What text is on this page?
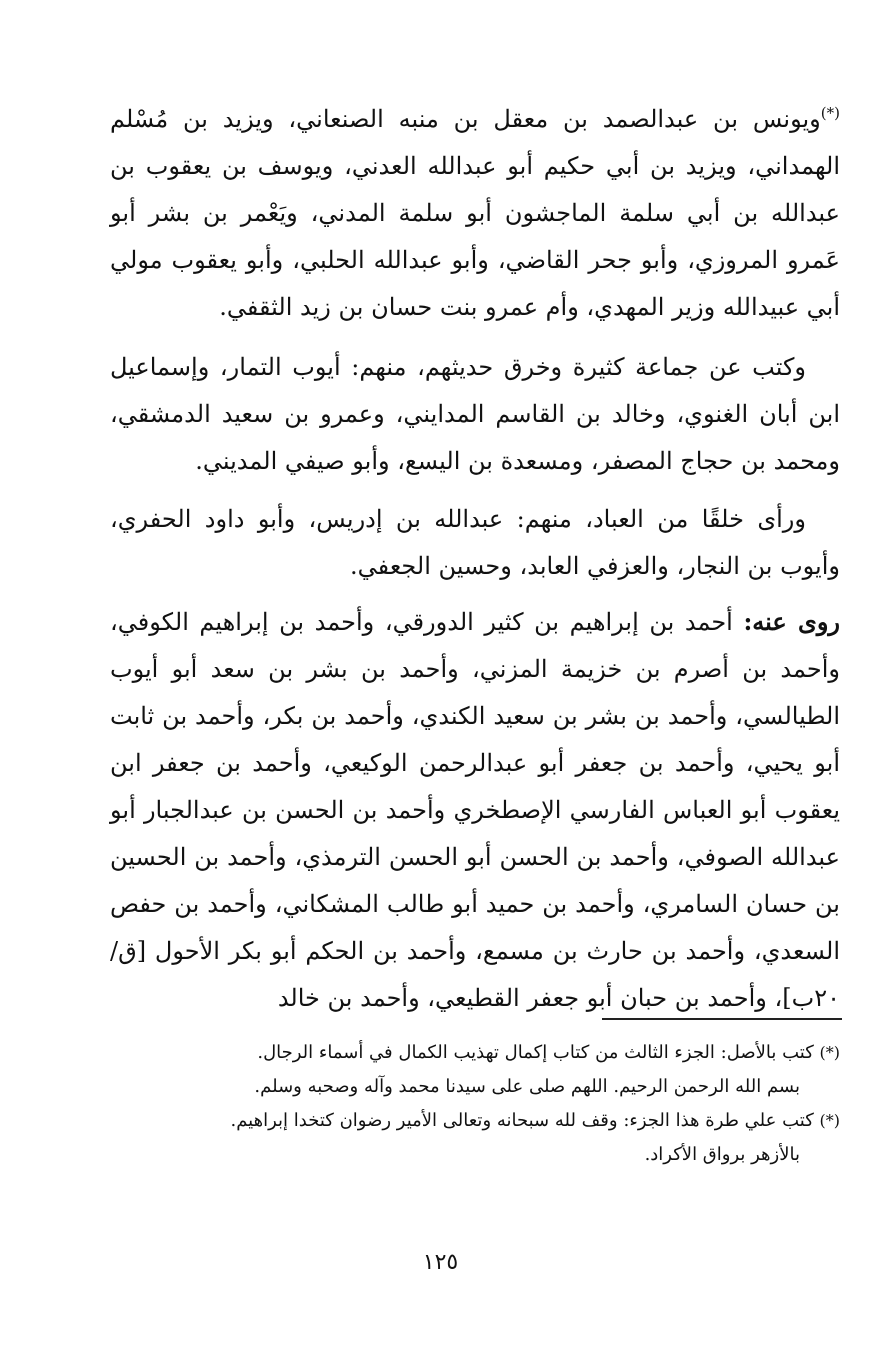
(*)ويونس بن عبدالصمد بن معقل بن منبه الصنعاني، ويزيد بن مُسْلم الهمداني، ويزيد بن أبي حكيم أبو عبدالله العدني، ويوسف بن يعقوب بن عبدالله بن أبي سلمة الماجشون أبو سلمة المدني، ويَعْمر بن بشر أبو عَمرو المروزي، وأبو جحر القاضي، وأبو عبدالله الحلبي، وأبو يعقوب مولي أبي عبيدالله وزير المهدي، وأم عمرو بنت حسان بن زيد الثقفي.

وكتب عن جماعة كثيرة وخرق حديثهم، منهم: أيوب التمار، وإسماعيل ابن أبان الغنوي، وخالد بن القاسم المدايني، وعمرو بن سعيد الدمشقي، ومحمد بن حجاج المصفر، ومسعدة بن اليسع، وأبو صيفي المديني.

ورأى خلقًا من العباد، منهم: عبدالله بن إدريس، وأبو داود الحفري، وأيوب بن النجار، والعزفي العابد، وحسين الجعفي.

روى عنه: أحمد بن إبراهيم بن كثير الدورقي، وأحمد بن إبراهيم الكوفي، وأحمد بن أصرم بن خزيمة المزني، وأحمد بن بشر بن سعد أبو أيوب الطيالسي، وأحمد بن بشر بن سعيد الكندي، وأحمد بن بكر، وأحمد بن ثابت أبو يحيي، وأحمد بن جعفر أبو عبدالرحمن الوكيعي، وأحمد بن جعفر ابن يعقوب أبو العباس الفارسي الإصطخري وأحمد بن الحسن بن عبدالجبار أبو عبدالله الصوفي، وأحمد بن الحسن أبو الحسن الترمذي، وأحمد بن الحسين بن حسان السامري، وأحمد بن حميد أبو طالب المشكاني، وأحمد بن حفص السعدي، وأحمد بن حارث بن مسمع، وأحمد بن الحكم أبو بكر الأحول [ق/٢٠ب]، وأحمد بن حبان أبو جعفر القطيعي، وأحمد بن خالد

(*) كتب بالأصل: الجزء الثالث من كتاب إكمال تهذيب الكمال في أسماء الرجال.

بسم الله الرحمن الرحيم. اللهم صلى على سيدنا محمد وآله وصحبه وسلم.

(*) كتب علي طرة هذا الجزء: وقف لله سبحانه وتعالى الأمير رضوان كتخدا إبراهيم.

بالأزهر برواق الأكراد.

١٢٥
